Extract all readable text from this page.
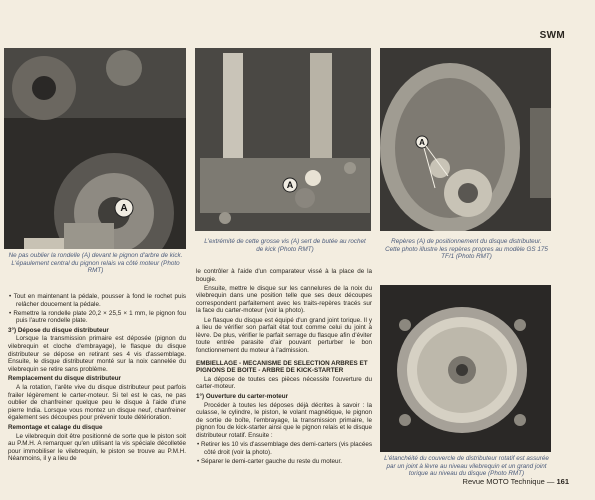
SWM
A
Ne pas oublier la rondelle (A) devant le pignon d'arbre de kick. L'épaulement central du pignon relais va côté moteur (Photo RMT)
A
L'extrémité de cette grosse vis (A) sert de butée au rochet de kick (Photo RMT)
A
Repères (A) de positionnement du disque distributeur. Cette photo illustre les repères propres au modèle GS 175 TF/1 (Photo RMT)
L'étanchéité du couvercle de distributeur rotatif est assurée par un joint à lèvre au niveau vilebrequin et un grand joint torique au niveau du disque (Photo RMT)

• Tout en maintenant la pédale, pousser à fond le rochet puis relâcher doucement la pédale.

• Remettre la rondelle plate 20,2 × 25,5 × 1 mm, le pignon fou puis l'autre rondelle plate.

3°) Dépose du disque distributeur

Lorsque la transmission primaire est déposée (pignon du vilebrequin et cloche d'embrayage), le flasque du disque distributeur se dépose en retirant ses 4 vis d'assemblage. Ensuite, le disque distributeur monté sur la noix cannelée du vilebrequin se retire sans problème.

Remplacement du disque distributeur

A la rotation, l'arête vive du disque distributeur peut parfois frailer légèrement le carter-moteur. Si tel est le cas, ne pas oublier de chanfreiner quelque peu le disque à l'aide d'une pierre India. Lorsque vous montez un disque neuf, chanfreiner également ses découpes pour prévenir toute détérioration.

Remontage et calage du disque

Le vilebrequin doit être positionné de sorte que le piston soit au P.M.H. A remarquer qu'en utilisant la vis spéciale décolletée pour immobiliser le vilebrequin, le piston se trouve au P.M.H. Néanmoins, il y a lieu de

le contrôler à l'aide d'un comparateur vissé à la place de la bougie.

Ensuite, mettre le disque sur les cannelures de la noix du vilebrequin dans une position telle que ses deux découpes correspondent parfaitement avec les traits-repères tracés sur la face du carter-moteur (voir la photo).

Le flasque du disque est équipé d'un grand joint torique. Il y a lieu de vérifier son parfait état tout comme celui du joint à lèvre. De plus, vérifier le parfait serrage du flasque afin d'éviter toute entrée parasite d'air pouvant perturber le bon fonctionnement du moteur à l'admission.

EMBIELLAGE - MECANISME DE SELECTION ARBRES ET PIGNONS DE BOITE - ARBRE DE KICK-STARTER

La dépose de toutes ces pièces nécessite l'ouverture du carter-moteur.

1°) Ouverture du carter-moteur

Procéder à toutes les déposes déjà décrites à savoir : la culasse, le cylindre, le piston, le volant magnétique, le pignon de sortie de boîte, l'embrayage, la transmission primaire, le pignon fou de kick-starter ainsi que le pignon relais et le disque distributeur rotatif. Ensuite :

• Retirer les 10 vis d'assemblage des demi-carters (vis placées côté droit (voir la photo).

• Séparer le demi-carter gauche du reste du moteur.

Revue MOTO Technique — 161
